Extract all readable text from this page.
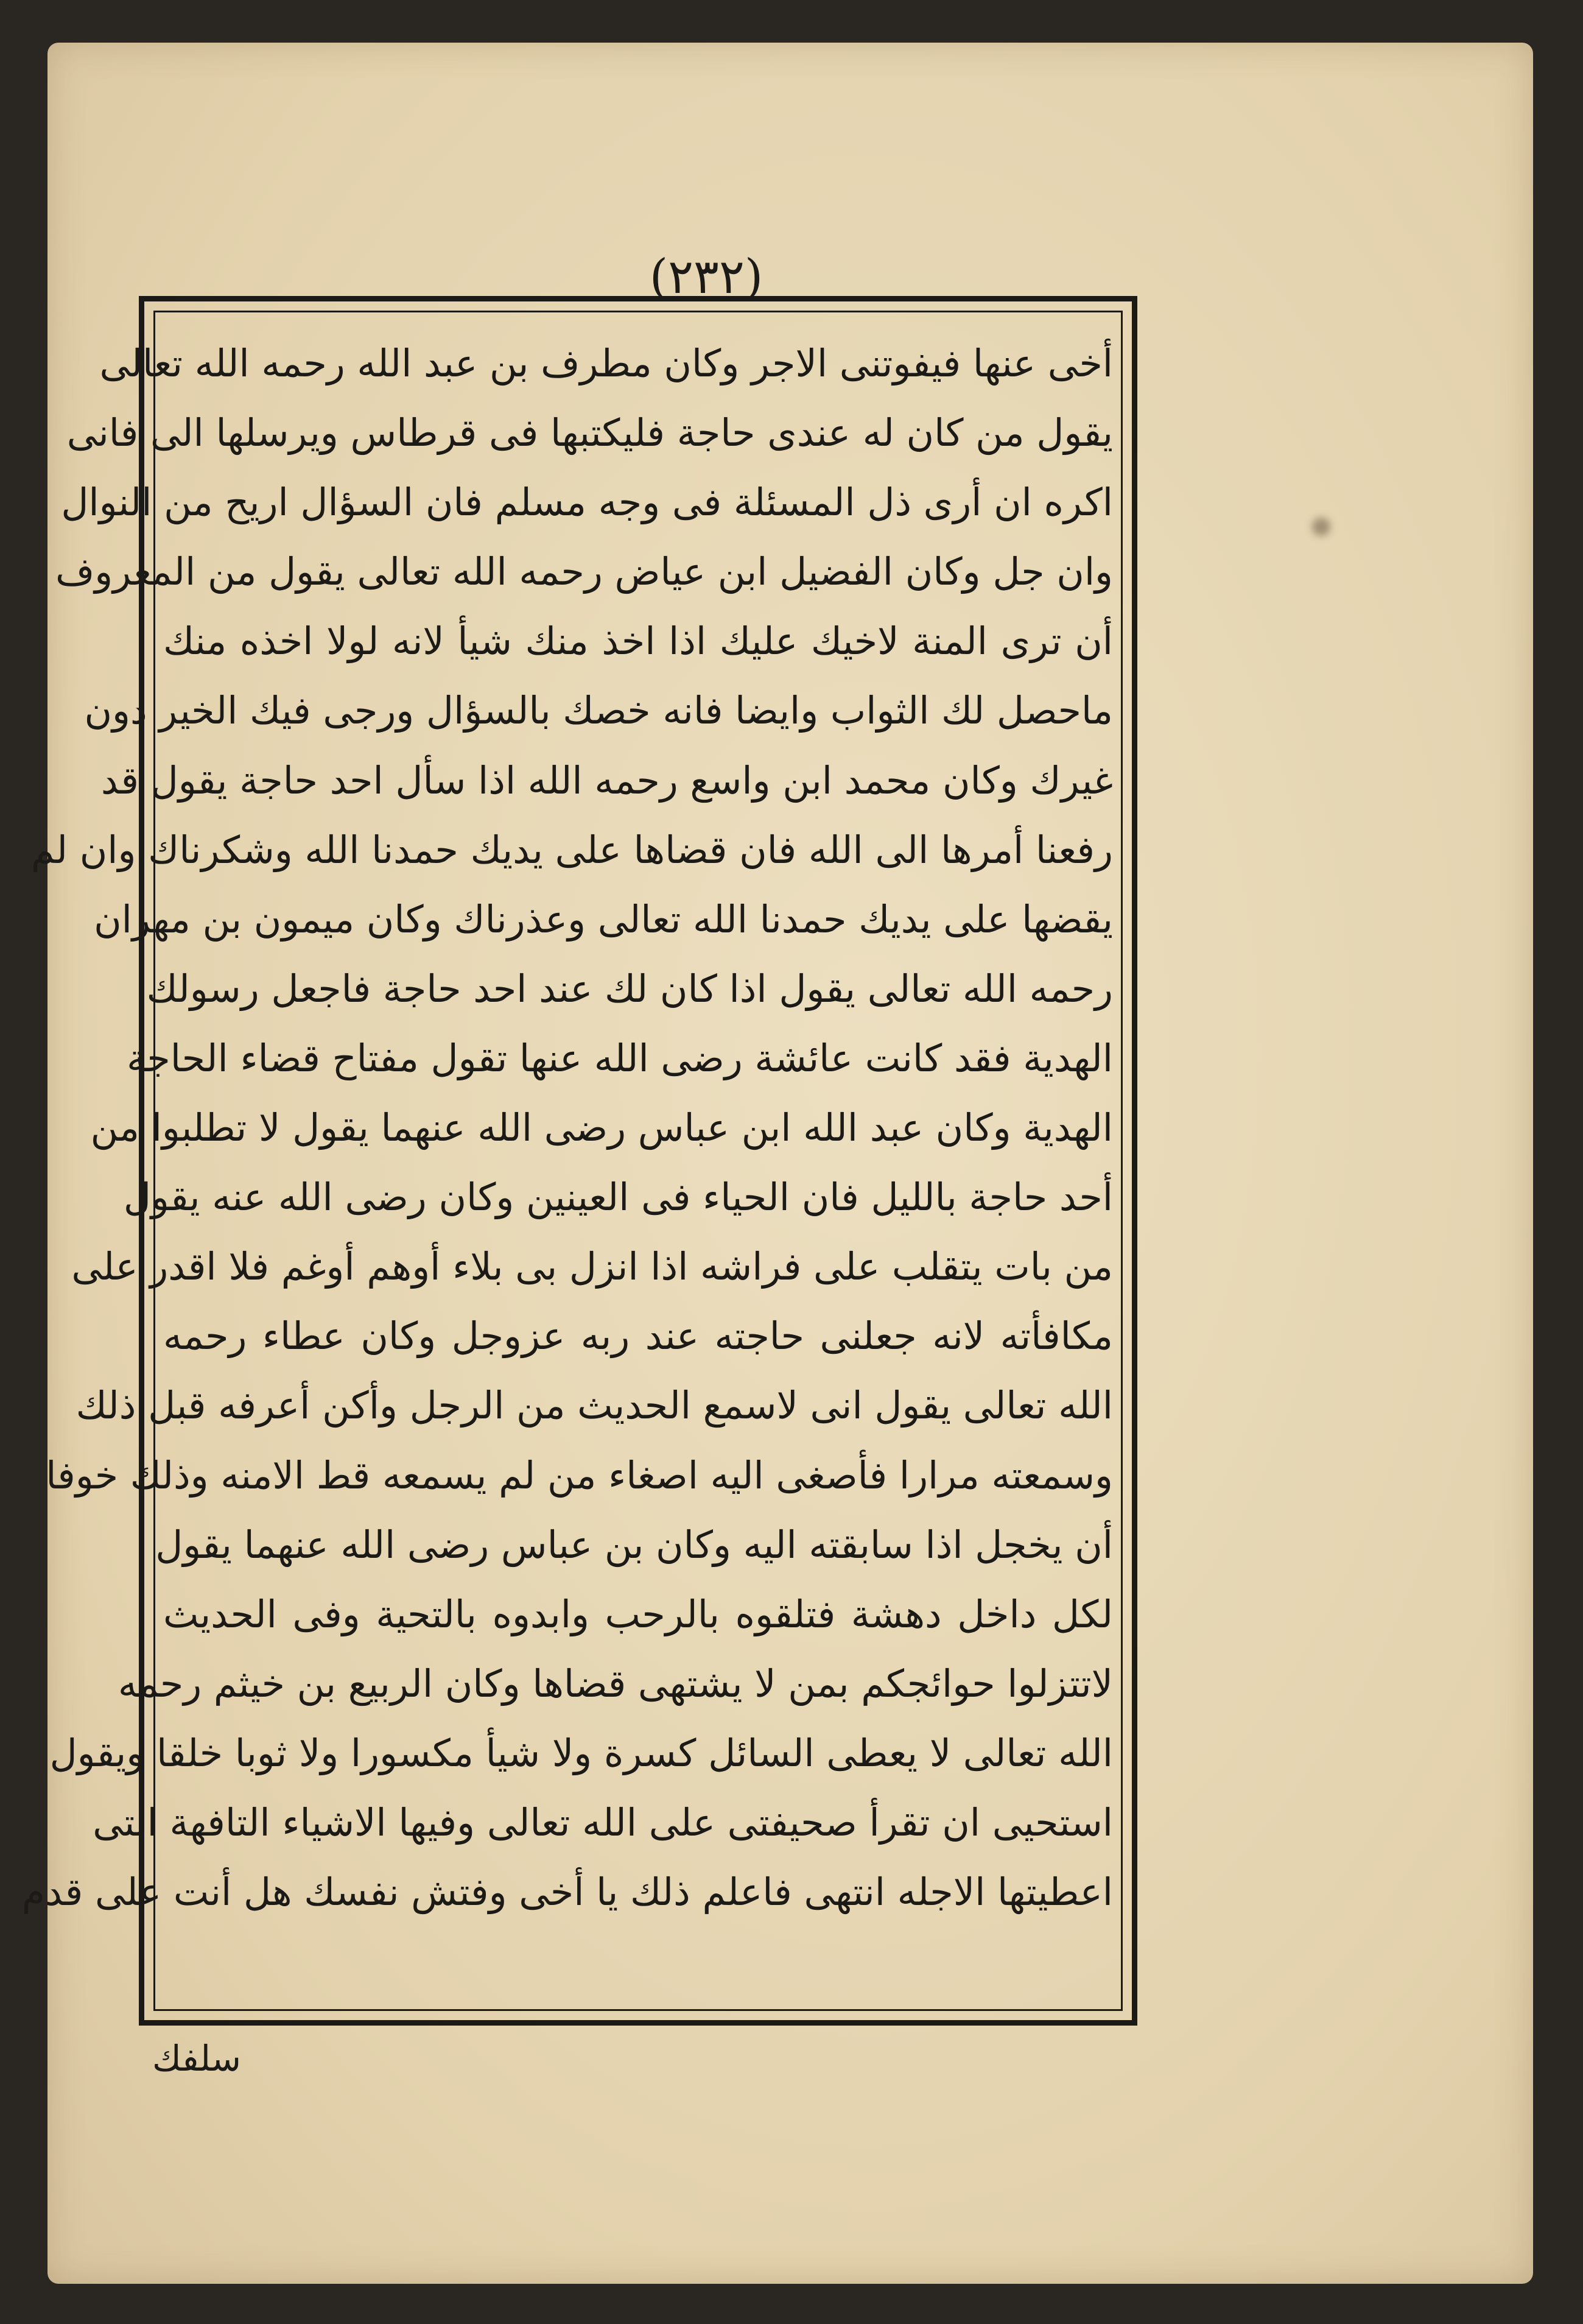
(٢٣٢)
أخى عنها فيفوتنى الاجر وكان مطرف بن عبد الله رحمه الله تعالى
يقول من كان له عندى حاجة فليكتبها فى قرطاس ويرسلها الى فانى
اكره ان أرى ذل المسئلة فى وجه مسلم فان السؤال اريح من النوال
وان جل وكان الفضيل ابن عياض رحمه الله تعالى يقول من المعروف
أن ترى المنة لاخيك عليك اذا اخذ منك شيأ لانه لولا اخذه منك
ماحصل لك الثواب وايضا فانه خصك بالسؤال ورجى فيك الخير دون
غيرك وكان محمد ابن واسع رحمه الله اذا سأل احد حاجة يقول قد
رفعنا أمرها الى الله فان قضاها على يديك حمدنا الله وشكرناك وان لم
يقضها على يديك حمدنا الله تعالى وعذرناك وكان ميمون بن مهران
رحمه الله تعالى يقول اذا كان لك عند احد حاجة فاجعل رسولك
الهدية فقد كانت عائشة رضى الله عنها تقول مفتاح قضاء الحاجة
الهدية وكان عبد الله ابن عباس رضى الله عنهما يقول لا تطلبوا من
أحد حاجة بالليل فان الحياء فى العينين وكان رضى الله عنه يقول
من بات يتقلب على فراشه اذا انزل بى بلاء أوهم أوغم فلا اقدر على
مكافأته لانه جعلنى حاجته عند ربه عزوجل وكان عطاء رحمه
الله تعالى يقول انى لاسمع الحديث من الرجل وأكن أعرفه قبل ذلك
وسمعته مرارا فأصغى اليه اصغاء من لم يسمعه قط الامنه وذلك خوفا
أن يخجل اذا سابقته اليه وكان بن عباس رضى الله عنهما يقول
لكل داخل دهشة فتلقوه بالرحب وابدوه بالتحية وفى الحديث
لاتتزلوا حوائجكم بمن لا يشتهى قضاها وكان الربيع بن خيثم رحمه
الله تعالى لا يعطى السائل كسرة ولا شيأ مكسورا ولا ثوبا خلقا ويقول
استحيى ان تقرأ صحيفتى على الله تعالى وفيها الاشياء التافهة التى
اعطيتها الاجله انتهى فاعلم ذلك يا أخى وفتش نفسك هل أنت على قدم
سلفك
